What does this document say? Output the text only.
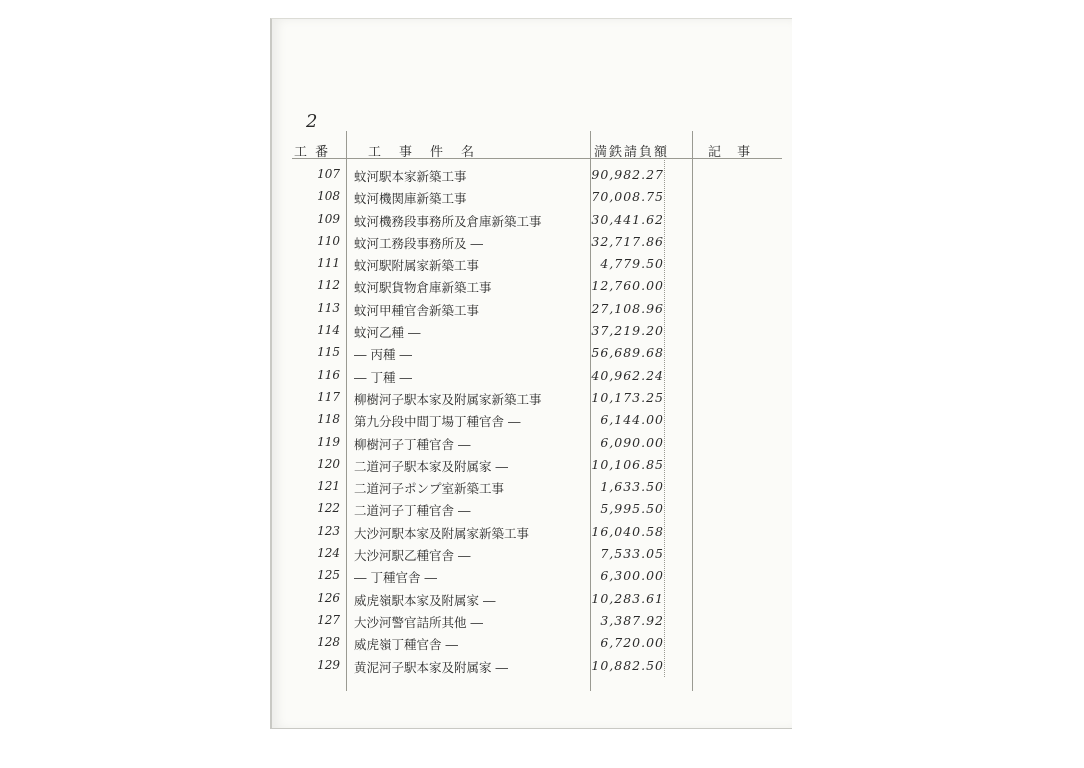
2
工 番	工事件名	満鉄請負額	記 事
107 蚊河駅本家新築工事	90,982.27
108 蚊河機関庫新築工事	70,008.75
109 蚊河機務段事務所及倉庫新築工事	30,441.62
110 蚊河工務段事務所及 ―	32,717.86
111 蚊河駅附属家新築工事	4,779.50
112 蚊河駅貨物倉庫新築工事	12,760.00
113 蚊河甲種官舎新築工事	27,108.96
114 蚊河乙種 ―	37,219.20
115 ― 丙種 ―	56,689.68
116 ― 丁種 ―	40,962.24
117 柳樹河子駅本家及附属家新築工事	10,173.25
118 第九分段中間丁場丁種官舎 ―	6,144.00
119 柳樹河子丁種官舎 ―	6,090.00
120 二道河子駅本家及附属家 ―	10,106.85
121 二道河子ポンプ室新築工事	1,633.50
122 二道河子丁種官舎 ―	5,995.50
123 大沙河駅本家及附属家新築工事	16,040.58
124 大沙河駅乙種官舎 ―	7,533.05
125 ― 丁種官舎 ―	6,300.00
126 威虎嶺駅本家及附属家 ―	10,283.61
127 大沙河警官詰所其他 ―	3,387.92
128 威虎嶺丁種官舎 ―	6,720.00
129 黄泥河子駅本家及附属家 ―	10,882.50
